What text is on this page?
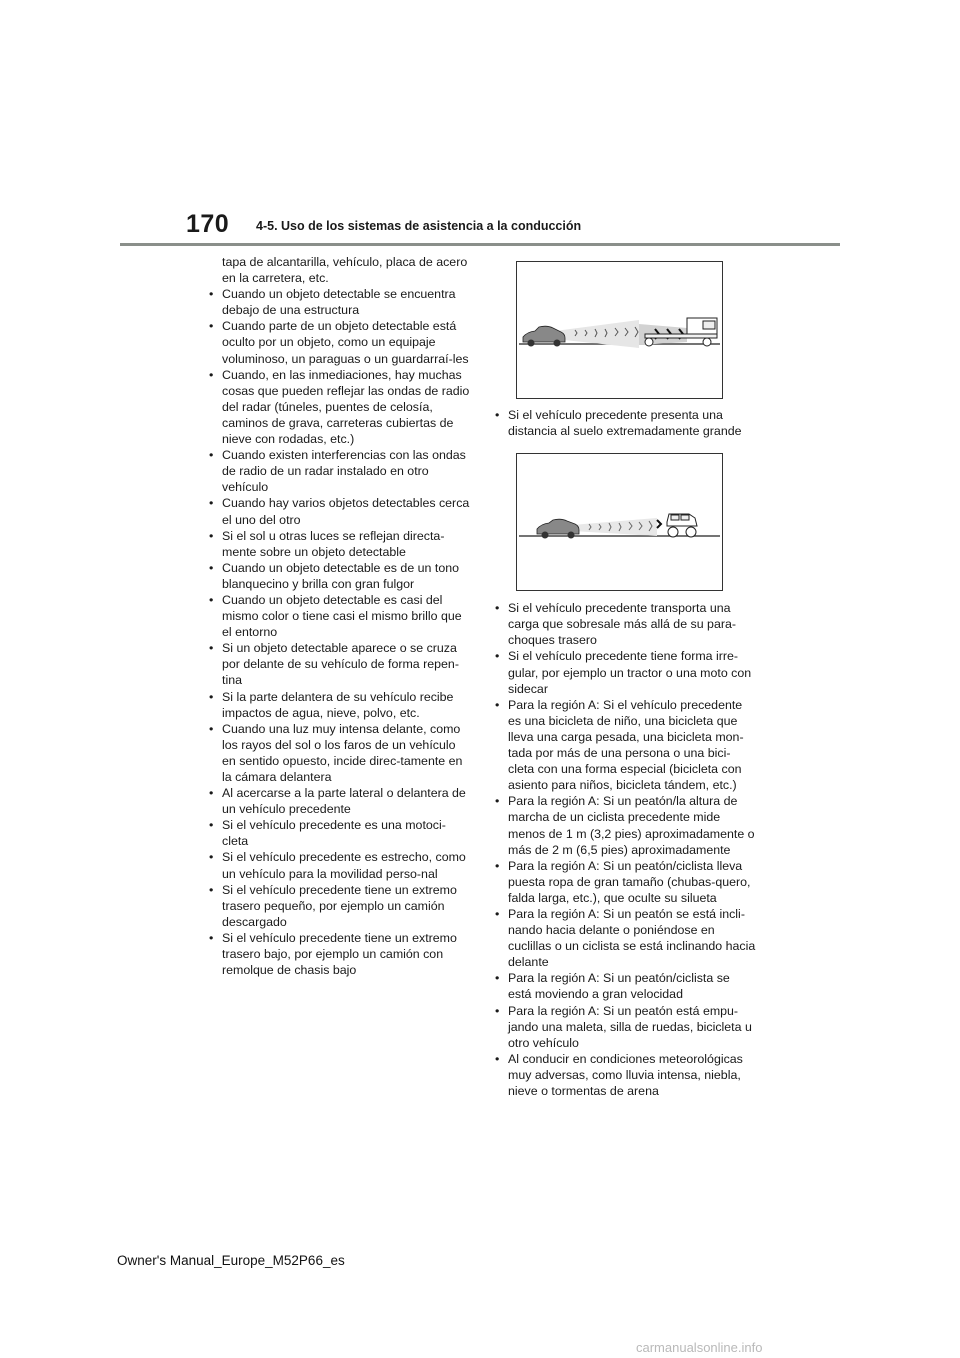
170 4-5. Uso de los sistemas de asistencia a la conducción

tapa de alcantarilla, vehículo, placa de acero en la carretera, etc.

• Cuando un objeto detectable se encuentra debajo de una estructura
• Cuando parte de un objeto detectable está oculto por un objeto, como un equipaje voluminoso, un paraguas o un guardarraí-les
• Cuando, en las inmediaciones, hay muchas cosas que pueden reflejar las ondas de radio del radar (túneles, puentes de celosía, caminos de grava, carreteras cubiertas de nieve con rodadas, etc.)
• Cuando existen interferencias con las ondas de radio de un radar instalado en otro vehículo
• Cuando hay varios objetos detectables cerca el uno del otro
• Si el sol u otras luces se reflejan directa-mente sobre un objeto detectable
• Cuando un objeto detectable es de un tono blanquecino y brilla con gran fulgor
• Cuando un objeto detectable es casi del mismo color o tiene casi el mismo brillo que el entorno
• Si un objeto detectable aparece o se cruza por delante de su vehículo de forma repen-tina
• Si la parte delantera de su vehículo recibe impactos de agua, nieve, polvo, etc.
• Cuando una luz muy intensa delante, como los rayos del sol o los faros de un vehículo en sentido opuesto, incide direc-tamente en la cámara delantera
• Al acercarse a la parte lateral o delantera de un vehículo precedente
• Si el vehículo precedente es una motoci-cleta
• Si el vehículo precedente es estrecho, como un vehículo para la movilidad perso-nal
• Si el vehículo precedente tiene un extremo trasero pequeño, por ejemplo un camión descargado
• Si el vehículo precedente tiene un extremo trasero bajo, por ejemplo un camión con remolque de chasis bajo
• Si el vehículo precedente presenta una distancia al suelo extremadamente grande
• Si el vehículo precedente transporta una carga que sobresale más allá de su para-choques trasero
• Si el vehículo precedente tiene forma irre-gular, por ejemplo un tractor o una moto con sidecar
• Para la región A: Si el vehículo precedente es una bicicleta de niño, una bicicleta que lleva una carga pesada, una bicicleta mon-tada por más de una persona o una bici-cleta con una forma especial (bicicleta con asiento para niños, bicicleta tándem, etc.)
• Para la región A: Si un peatón/la altura de marcha de un ciclista precedente mide menos de 1 m (3,2 pies) aproximadamente o más de 2 m (6,5 pies) aproximadamente
• Para la región A: Si un peatón/ciclista lleva puesta ropa de gran tamaño (chubas-quero, falda larga, etc.), que oculte su silueta
• Para la región A: Si un peatón se está incli-nando hacia delante o poniéndose en cuclillas o un ciclista se está inclinando hacia delante
• Para la región A: Si un peatón/ciclista se está moviendo a gran velocidad
• Para la región A: Si un peatón está empu-jando una maleta, silla de ruedas, bicicleta u otro vehículo
• Al conducir en condiciones meteorológicas muy adversas, como lluvia intensa, niebla, nieve o tormentas de arena
Owner's Manual_Europe_M52P66_es
carmanualsonline.info
